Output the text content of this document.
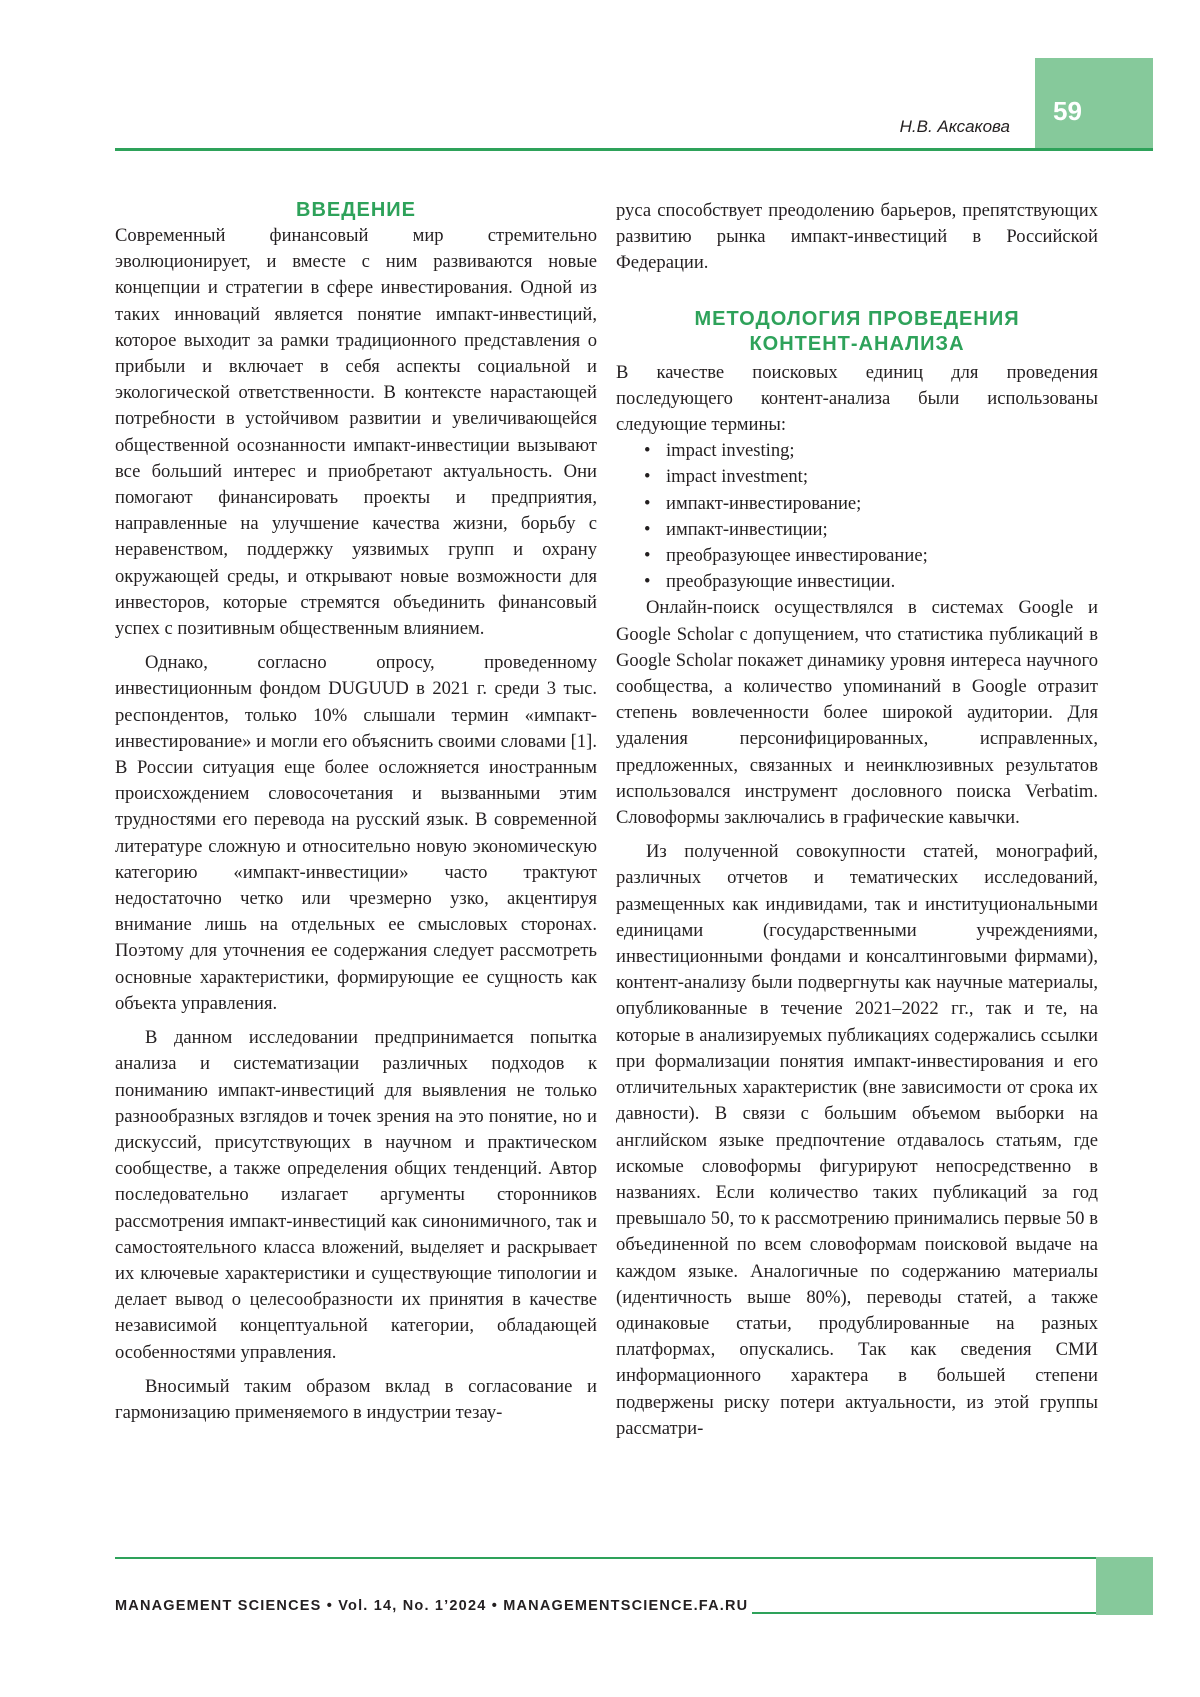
Н.В. Аксакова
59
ВВЕДЕНИЕ

Современный финансовый мир стремительно эволюционирует, и вместе с ним развиваются новые концепции и стратегии в сфере инвестирования. Одной из таких инноваций является понятие импакт-инвестиций, которое выходит за рамки традиционного представления о прибыли и включает в себя аспекты социальной и экологической ответственности. В контексте нарастающей потребности в устойчивом развитии и увеличивающейся общественной осознанности импакт-инвестиции вызывают все больший интерес и приобретают актуальность. Они помогают финансировать проекты и предприятия, направленные на улучшение качества жизни, борьбу с неравенством, поддержку уязвимых групп и охрану окружающей среды, и открывают новые возможности для инвесторов, которые стремятся объединить финансовый успех с позитивным общественным влиянием.

Однако, согласно опросу, проведенному инвестиционным фондом DUGUUD в 2021 г. среди 3 тыс. респондентов, только 10% слышали термин «импакт-инвестирование» и могли его объяснить своими словами [1]. В России ситуация еще более осложняется иностранным происхождением словосочетания и вызванными этим трудностями его перевода на русский язык. В современной литературе сложную и относительно новую экономическую категорию «импакт-инвестиции» часто трактуют недостаточно четко или чрезмерно узко, акцентируя внимание лишь на отдельных ее смысловых сторонах. Поэтому для уточнения ее содержания следует рассмотреть основные характеристики, формирующие ее сущность как объекта управления.

В данном исследовании предпринимается попытка анализа и систематизации различных подходов к пониманию импакт-инвестиций для выявления не только разнообразных взглядов и точек зрения на это понятие, но и дискуссий, присутствующих в научном и практическом сообществе, а также определения общих тенденций. Автор последовательно излагает аргументы сторонников рассмотрения импакт-инвестиций как синонимичного, так и самостоятельного класса вложений, выделяет и раскрывает их ключевые характеристики и существующие типологии и делает вывод о целесообразности их принятия в качестве независимой концептуальной категории, обладающей особенностями управления.

Вносимый таким образом вклад в согласование и гармонизацию применяемого в индустрии тезау-

руса способствует преодолению барьеров, препятствующих развитию рынка импакт-инвестиций в Российской Федерации.

МЕТОДОЛОГИЯ ПРОВЕДЕНИЯ
КОНТЕНТ-АНАЛИЗА

В качестве поисковых единиц для проведения последующего контент-анализа были использованы следующие термины:

• impact investing;
• impact investment;
• импакт-инвестирование;
• импакт-инвестиции;
• преобразующее инвестирование;
• преобразующие инвестиции.

Онлайн-поиск осуществлялся в системах Google и Google Scholar с допущением, что статистика публикаций в Google Scholar покажет динамику уровня интереса научного сообщества, а количество упоминаний в Google отразит степень вовлеченности более широкой аудитории. Для удаления персонифицированных, исправленных, предложенных, связанных и неинклюзивных результатов использовался инструмент дословного поиска Verbatim. Словоформы заключались в графические кавычки.

Из полученной совокупности статей, монографий, различных отчетов и тематических исследований, размещенных как индивидами, так и институциональными единицами (государственными учреждениями, инвестиционными фондами и консалтинговыми фирмами), контент-анализу были подвергнуты как научные материалы, опубликованные в течение 2021–2022 гг., так и те, на которые в анализируемых публикациях содержались ссылки при формализации понятия импакт-инвестирования и его отличительных характеристик (вне зависимости от срока их давности). В связи с большим объемом выборки на английском языке предпочтение отдавалось статьям, где искомые словоформы фигурируют непосредственно в названиях. Если количество таких публикаций за год превышало 50, то к рассмотрению принимались первые 50 в объединенной по всем словоформам поисковой выдаче на каждом языке. Аналогичные по содержанию материалы (идентичность выше 80%), переводы статей, а также одинаковые статьи, продублированные на разных платформах, опускались. Так как сведения СМИ информационного характера в большей степени подвержены риску потери актуальности, из этой группы рассматри-

MANAGEMENT SCIENCES • Vol. 14, No. 1’2024 • MANAGEMENTSCIENCE.FA.RU
